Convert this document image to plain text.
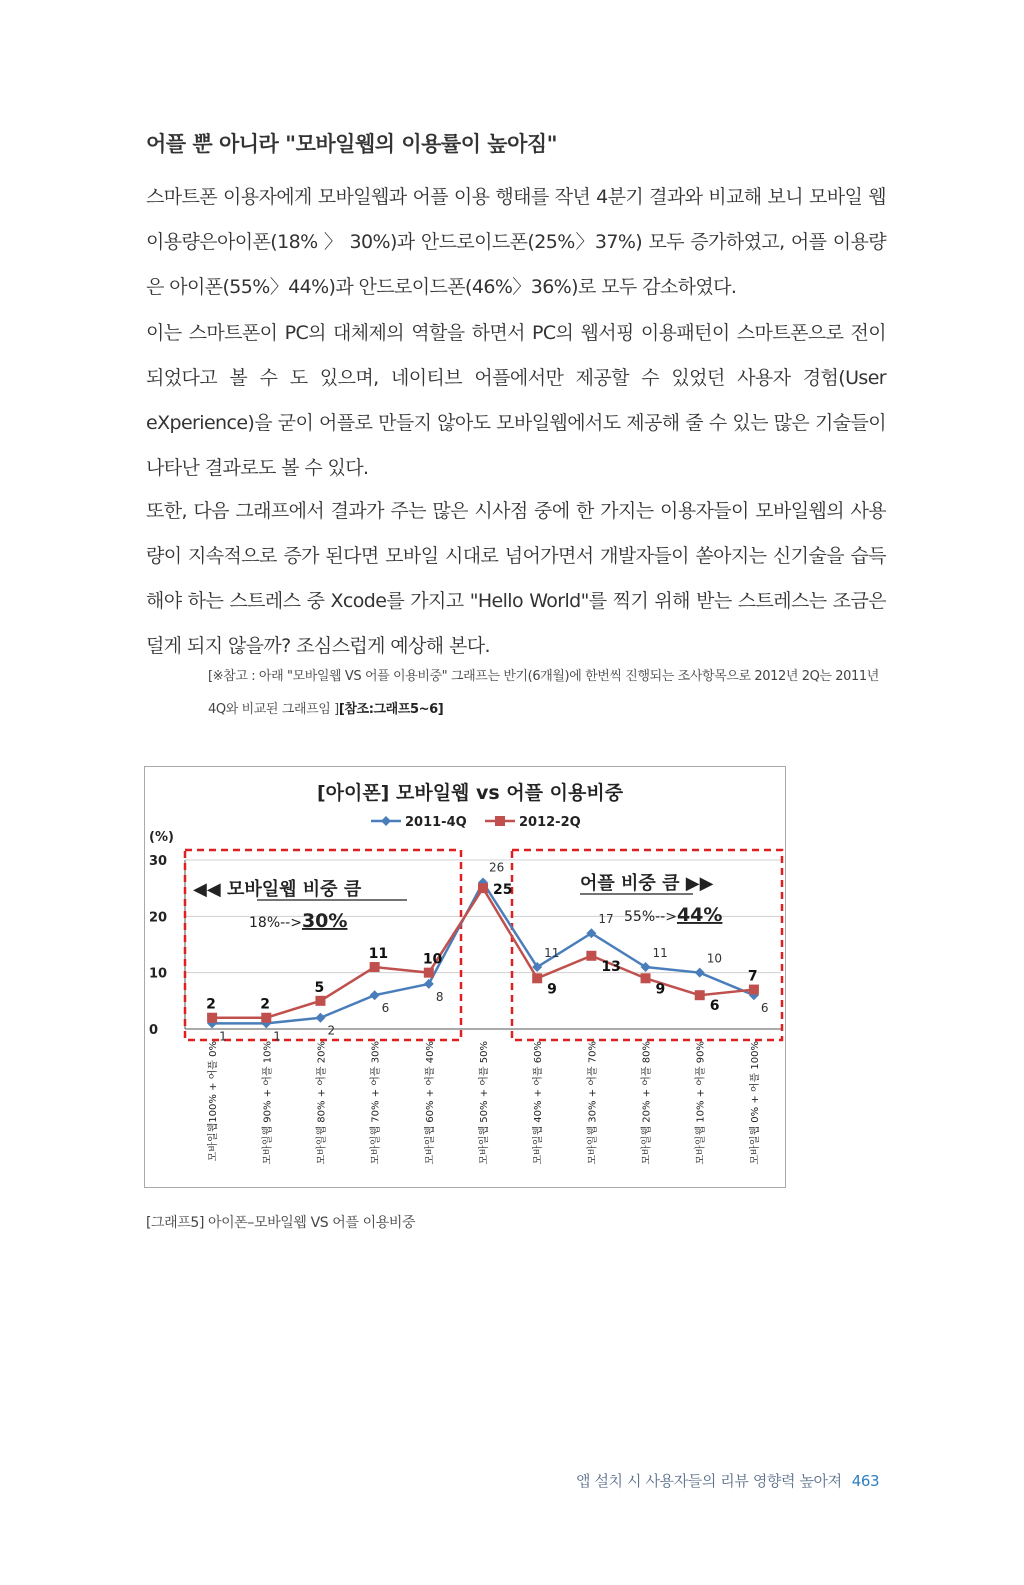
어플 뿐 아니라 "모바일웹의 이용률이 높아짐"
스마트폰 이용자에게 모바일웹과 어플 이용 행태를 작년 4분기 결과와 비교해 보니 모바일 웹 이용량은아이폰(18% 〉 30%)과 안드로이드폰(25%〉37%) 모두 증가하였고, 어플 이용량은 아이폰(55%〉44%)과 안드로이드폰(46%〉36%)로 모두 감소하였다.
이는 스마트폰이 PC의 대체제의 역할을 하면서 PC의 웹서핑 이용패턴이 스마트폰으로 전이 되었다고 볼 수 도 있으며, 네이티브 어플에서만 제공할 수 있었던 사용자 경험(User eXperience)을 굳이 어플로 만들지 않아도 모바일웹에서도 제공해 줄 수 있는 많은 기술들이 나타난 결과로도 볼 수 있다.
또한, 다음 그래프에서 결과가 주는 많은 시사점 중에 한 가지는 이용자들이 모바일웹의 사용량이 지속적으로 증가 된다면 모바일 시대로 넘어가면서 개발자들이 쏟아지는 신기술을 습득해야 하는 스트레스 중 Xcode를 가지고 "Hello World"를 찍기 위해 받는 스트레스는 조금은 덜게 되지 않을까? 조심스럽게 예상해 본다.
[※참고 : 아래 "모바일웹 VS 어플 이용비중" 그래프는 반기(6개월)에 한번씩 진행되는 조사항목으로 2012년 2Q는 2011년 4Q와 비교된 그래프임 ][참조:그래프5~6]
[아이폰] 모바일웹 vs 어플 이용비중
2011-4Q	2012-2Q
(%)
0
10
20
30
◀◀ 모바일웹 비중 큼
18%-->30%
어플 비중 큼 ▶▶
55%-->44%
1	1	2
6
8
26
11
17
11	10
6
2	2
5
11 10
25
9
13
9
6
7
모바일웹100% + 어플 0%	모바일웹 90% + 어플 10%	모바일웹 80% + 어플 20%	모바일웹 70% + 어플 30%	모바일웹 60% + 어플 40%	모바일웹 50% + 어플 50%	모바일웹 40% + 어플 60%	모바일웹 30% + 어플 70%	모바일웹 20% + 어플 80%	모바일웹 10% + 어플 90%	모바일웹 0% + 어플 100%
[그래프5] 아이폰–모바일웹 VS 어플 이용비중
앱 설치 시 사용자들의 리뷰 영향력 높아져 463
